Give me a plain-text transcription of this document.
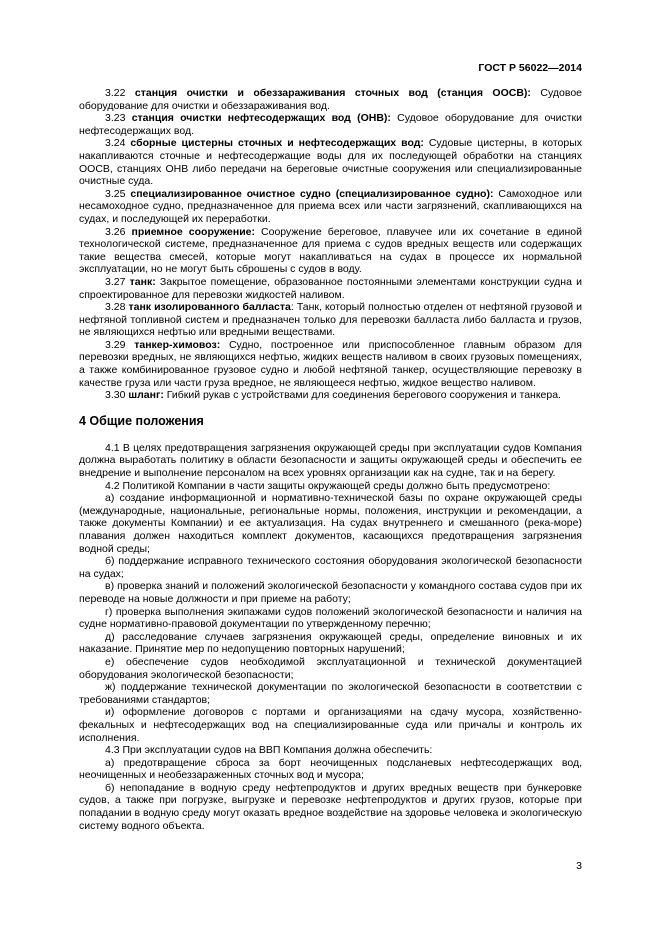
ГОСТ Р 56022—2014

3.22 станция очистки и обеззараживания сточных вод (станция ООСВ): Судовое оборудование для очистки и обеззараживания вод.

3.23 станция очистки нефтесодержащих вод (ОНВ): Судовое оборудование для очистки нефтесодержащих вод.

3.24 сборные цистерны сточных и нефтесодержащих вод: Судовые цистерны, в которых накапливаются сточные и нефтесодержащие воды для их последующей обработки на станциях ООСВ, станциях ОНВ либо передачи на береговые очистные сооружения или специализированные очистные суда.

3.25 специализированное очистное судно (специализированное судно): Самоходное или несамоходное судно, предназначенное для приема всех или части загрязнений, скапливающихся на судах, и последующей их переработки.

3.26 приемное сооружение: Сооружение береговое, плавучее или их сочетание в единой технологической системе, предназначенное для приема с судов вредных веществ или содержащих такие вещества смесей, которые могут накапливаться на судах в процессе их нормальной эксплуатации, но не могут быть сброшены с судов в воду.

3.27 танк: Закрытое помещение, образованное постоянными элементами конструкции судна и спроектированное для перевозки жидкостей наливом.

3.28 танк изолированного балласта: Танк, который полностью отделен от нефтяной грузовой и нефтяной топливной систем и предназначен только для перевозки балласта либо балласта и грузов, не являющихся нефтью или вредными веществами.

3.29 танкер-химовоз: Судно, построенное или приспособленное главным образом для перевозки вредных, не являющихся нефтью, жидких веществ наливом в своих грузовых помещениях, а также комбинированное грузовое судно и любой нефтяной танкер, осуществляющие перевозку в качестве груза или части груза вредное, не являющееся нефтью, жидкое вещество наливом.

3.30 шланг: Гибкий рукав с устройствами для соединения берегового сооружения и танкера.

4 Общие положения

4.1 В целях предотвращения загрязнения окружающей среды при эксплуатации судов Компания должна выработать политику в области безопасности и защиты окружающей среды и обеспечить ее внедрение и выполнение персоналом на всех уровнях организации как на судне, так и на берегу.

4.2 Политикой Компании в части защиты окружающей среды должно быть предусмотрено:

а) создание информационной и нормативно-технической базы по охране окружающей среды (международные, национальные, региональные нормы, положения, инструкции и рекомендации, а также документы Компании) и ее актуализация. На судах внутреннего и смешанного (река-море) плавания должен находиться комплект документов, касающихся предотвращения загрязнения водной среды;

б) поддержание исправного технического состояния оборудования экологической безопасности на судах;

в) проверка знаний и положений экологической безопасности у командного состава судов при их переводе на новые должности и при приеме на работу;

г) проверка выполнения экипажами судов положений экологической безопасности и наличия на судне нормативно-правовой документации по утвержденному перечню;

д) расследование случаев загрязнения окружающей среды, определение виновных и их наказание. Принятие мер по недопущению повторных нарушений;

е) обеспечение судов необходимой эксплуатационной и технической документацией оборудования экологической безопасности;

ж) поддержание технической документации по экологической безопасности в соответствии с требованиями стандартов;

и) оформление договоров с портами и организациями на сдачу мусора, хозяйственно-фекальных и нефтесодержащих вод на специализированные суда или причалы и контроль их исполнения.

4.3 При эксплуатации судов на ВВП Компания должна обеспечить:

а) предотвращение сброса за борт неочищенных подсланевых нефтесодержащих вод, неочищенных и необеззараженных сточных вод и мусора;

б) непопадание в водную среду нефтепродуктов и других вредных веществ при бункеровке судов, а также при погрузке, выгрузке и перевозке нефтепродуктов и других грузов, которые при попадании в водную среду могут оказать вредное воздействие на здоровье человека и экологическую систему водного объекта.

3
